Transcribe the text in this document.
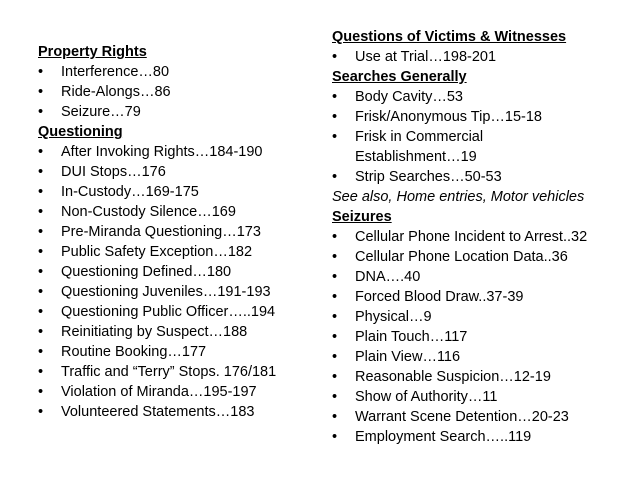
Property Rights
• Interference…80
• Ride-Alongs…86
• Seizure…79
Questioning
• After Invoking Rights…184-190
• DUI Stops…176
• In-Custody…169-175
• Non-Custody Silence…169
• Pre-Miranda Questioning…173
• Public Safety Exception…182
• Questioning Defined…180
• Questioning Juveniles…191-193
• Questioning Public Officer…..194
• Reinitiating by Suspect…188
• Routine Booking…177
• Traffic and “Terry” Stops. 176/181
• Violation of Miranda…195-197
• Volunteered Statements…183
Questions of Victims & Witnesses
• Use at Trial…198-201
Searches Generally
• Body Cavity…53
• Frisk/Anonymous Tip…15-18
• Frisk in Commercial Establishment…19
• Strip Searches…50-53
See also, Home entries, Motor vehicles
Seizures
• Cellular Phone Incident to Arrest..32
• Cellular Phone Location Data..36
• DNA….40
• Forced Blood Draw..37-39
• Physical…9
• Plain Touch…117
• Plain View…116
• Reasonable Suspicion…12-19
• Show of Authority…11
• Warrant Scene Detention…20-23
• Employment Search…..119
